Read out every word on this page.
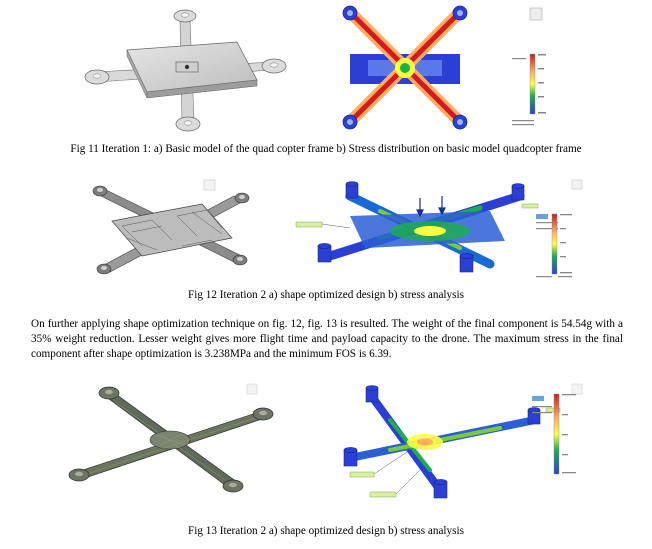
Fig 11 Iteration 1: a) Basic model of the quad copter frame b) Stress distribution on basic model quadcopter frame
Fig 12 Iteration 2 a) shape optimized design b) stress analysis
On further applying shape optimization technique on fig. 12, fig. 13 is resulted. The weight of the final component is 54.54g with a
35% weight reduction. Lesser weight gives more flight time and payload capacity to the drone. The maximum stress in the final
component after shape optimization is 3.238MPa and the minimum FOS is 6.39.
Fig 13 Iteration 2 a) shape optimized design b) stress analysis
